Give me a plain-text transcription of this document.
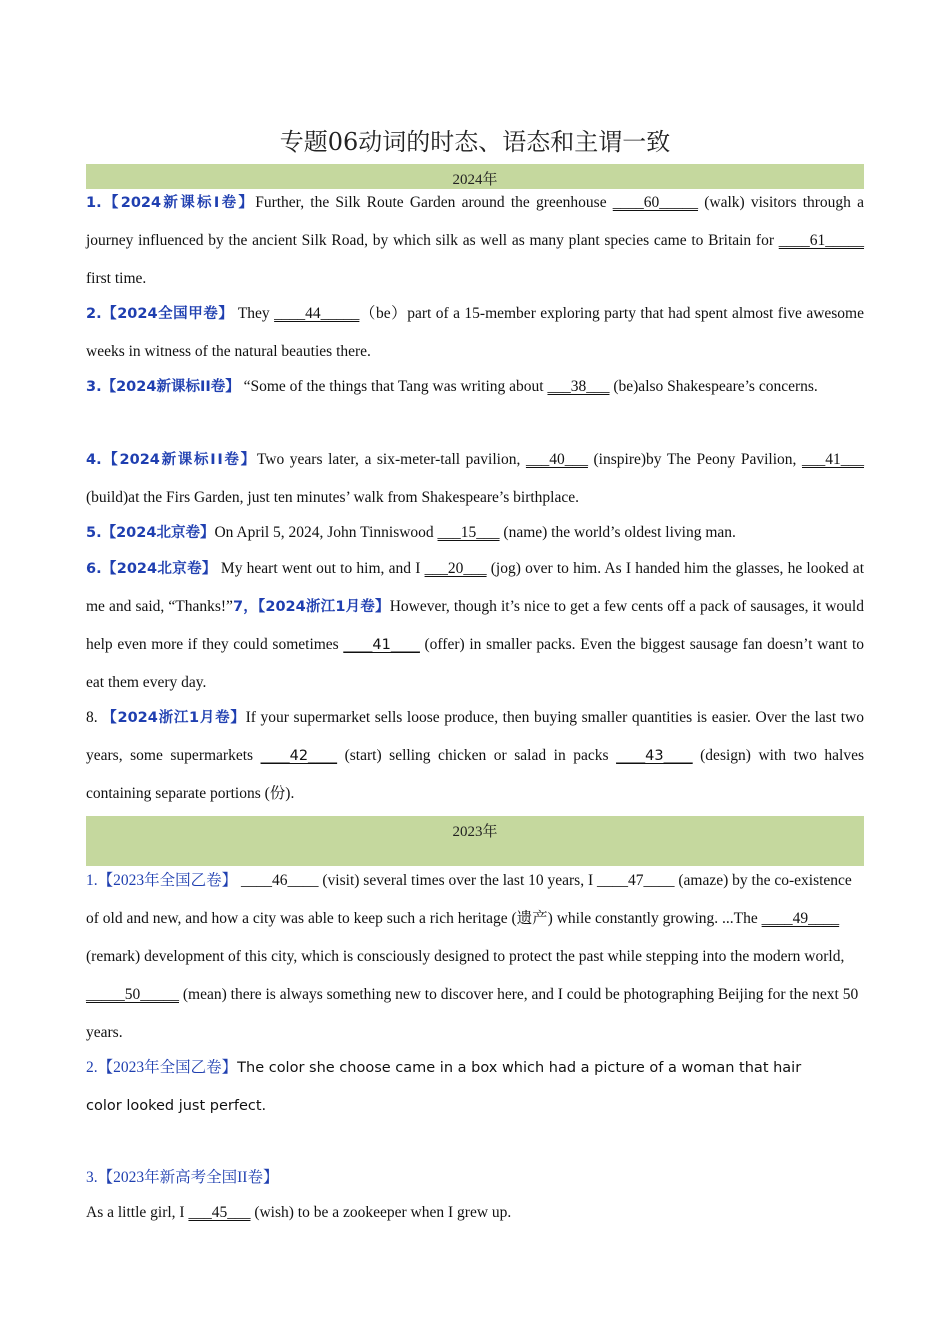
专题06动词的时态、语态和主谓一致
2024年
1.【2024新课标Ⅰ卷】Further, the Silk Route Garden around the greenhouse ____60_____ (walk) visitors through a journey influenced by the ancient Silk Road, by which silk as well as many plant species came to Britain for ____61_____ first time.
2.【2024全国甲卷】 They ____44_____（be）part of a 15-member exploring party that had spent almost five awesome weeks in witness of the natural beauties there.
3.【2024新课标ⅠⅠ卷】 “Some of the things that Tang was writing about ___38___ (be)also Shakespeare’s concerns.
4.【2024新课标ⅠⅠ卷】Two years later, a six-meter-tall pavilion, ___40___ (inspire)by The Peony Pavilion, ___41___ (build)at the Firs Garden, just ten minutes’ walk from Shakespeare’s birthplace.
5.【2024北京卷】On April 5, 2024, John Tinniswood ___15___ (name) the world’s oldest living man.
6.【2024北京卷】 My heart went out to him, and I ___20___ (jog) over to him. As I handed him the glasses, he looked at me and said, “Thanks!”7，【2024浙江1月卷】However, though it’s nice to get a few cents off a pack of sausages, it would help even more if they could sometimes ____41____ (offer) in smaller packs. Even the biggest sausage fan doesn’t want to eat them every day.
8. 【2024浙江1月卷】If your supermarket sells loose produce, then buying smaller quantities is easier. Over the last two years, some supermarkets ____42____ (start) selling chicken or salad in packs ____43____ (design) with two halves containing separate portions (份).
2023年
1.【2023年全国乙卷】 ____46____ (visit) several times over the last 10 years, I ____47____ (amaze) by the co-existence of old and new, and how a city was able to keep such a rich heritage (遗产) while constantly growing. ...The ____49____ (remark) development of this city, which is consciously designed to protect the past while stepping into the modern world, _____50_____ (mean) there is always something new to discover here, and I could be photographing Beijing for the next 50 years.
2.【2023年全国乙卷】The color she choose came in a box which had a picture of a woman that hair color looked just perfect.
3.【2023年新高考全国II卷】
As a little girl, I ___45___ (wish) to be a zookeeper when I grew up.
